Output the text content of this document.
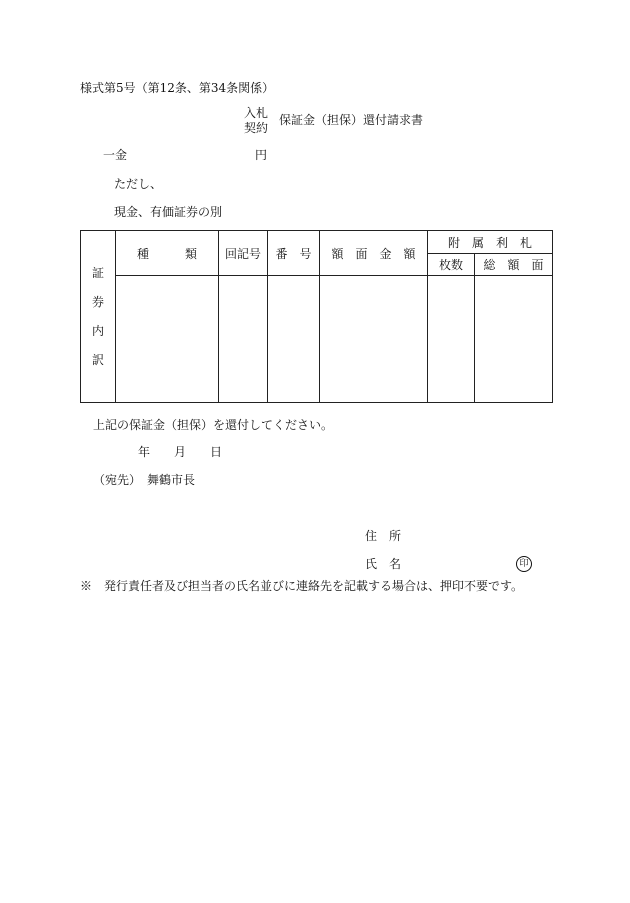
様式第5号（第12条、第34条関係）
入札
契約
保証金（担保）還付請求書
一金	円
ただし、
現金、有価証券の別
証
券
内
訳	種　　　類	回記号	番　号	額　面　金　額	附　属　利　札	
					枚数	総　額　面

上記の保証金（担保）を還付してください。
年　　月　　日
（宛先）　舞鶴市長
住　所
氏　名	印
※　発行責任者及び担当者の氏名並びに連絡先を記載する場合は、押印不要です。
